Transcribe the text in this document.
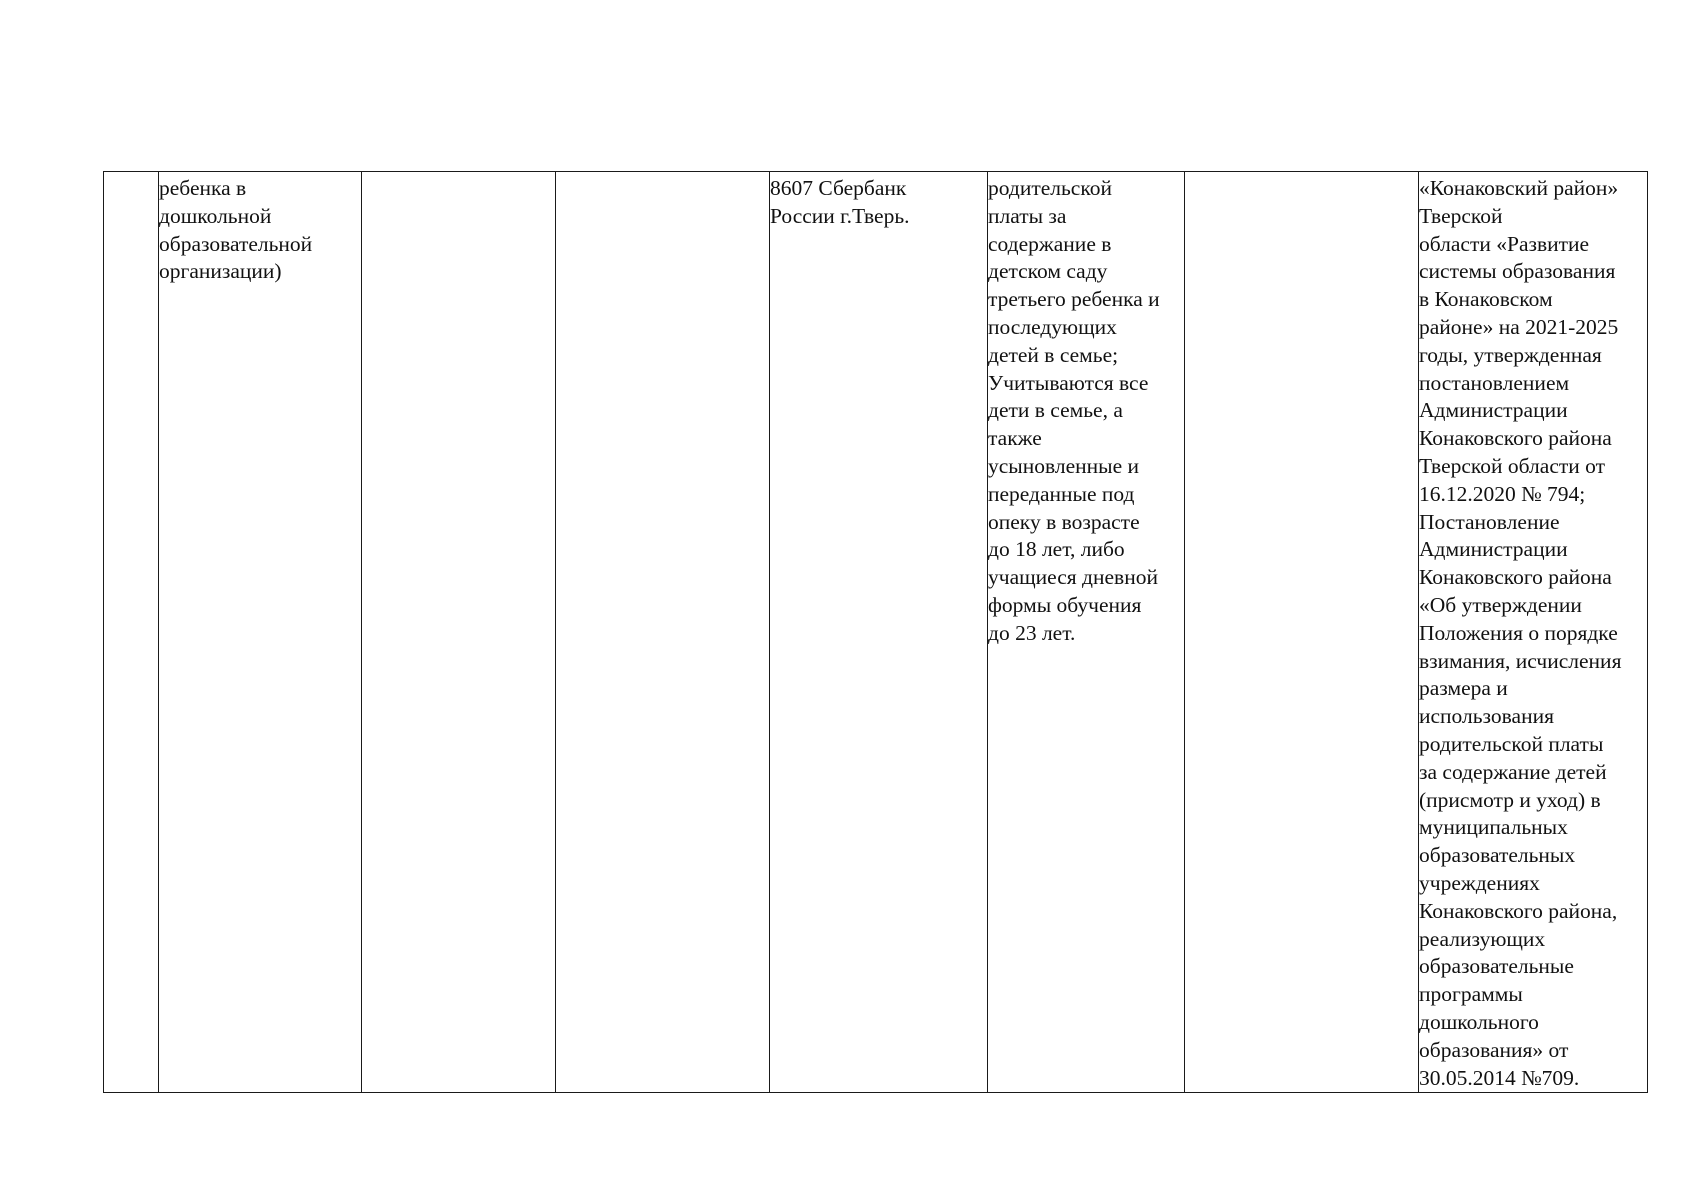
	ребенка в
дошкольной
образовательной
организации)			8607 Сбербанк
России г.Тверь.	родительской
платы за
содержание в
детском саду
третьего ребенка и
последующих
детей в семье;
Учитываются все
дети в семье, а
также
усыновленные и
переданные под
опеку в возрасте
до 18 лет, либо
учащиеся дневной
формы обучения
до 23 лет.		«Конаковский район»
Тверской
области «Развитие
системы образования
в Конаковском
районе» на 2021-2025
годы, утвержденная
постановлением
Администрации
Конаковского района
Тверской области от
16.12.2020 № 794;
Постановление
Администрации
Конаковского района
«Об утверждении
Положения о порядке
взимания, исчисления
размера и
использования
родительской платы
за содержание детей
(присмотр и уход) в
муниципальных
образовательных
учреждениях
Конаковского района,
реализующих
образовательные
программы
дошкольного
образования» от
30.05.2014 №709.
